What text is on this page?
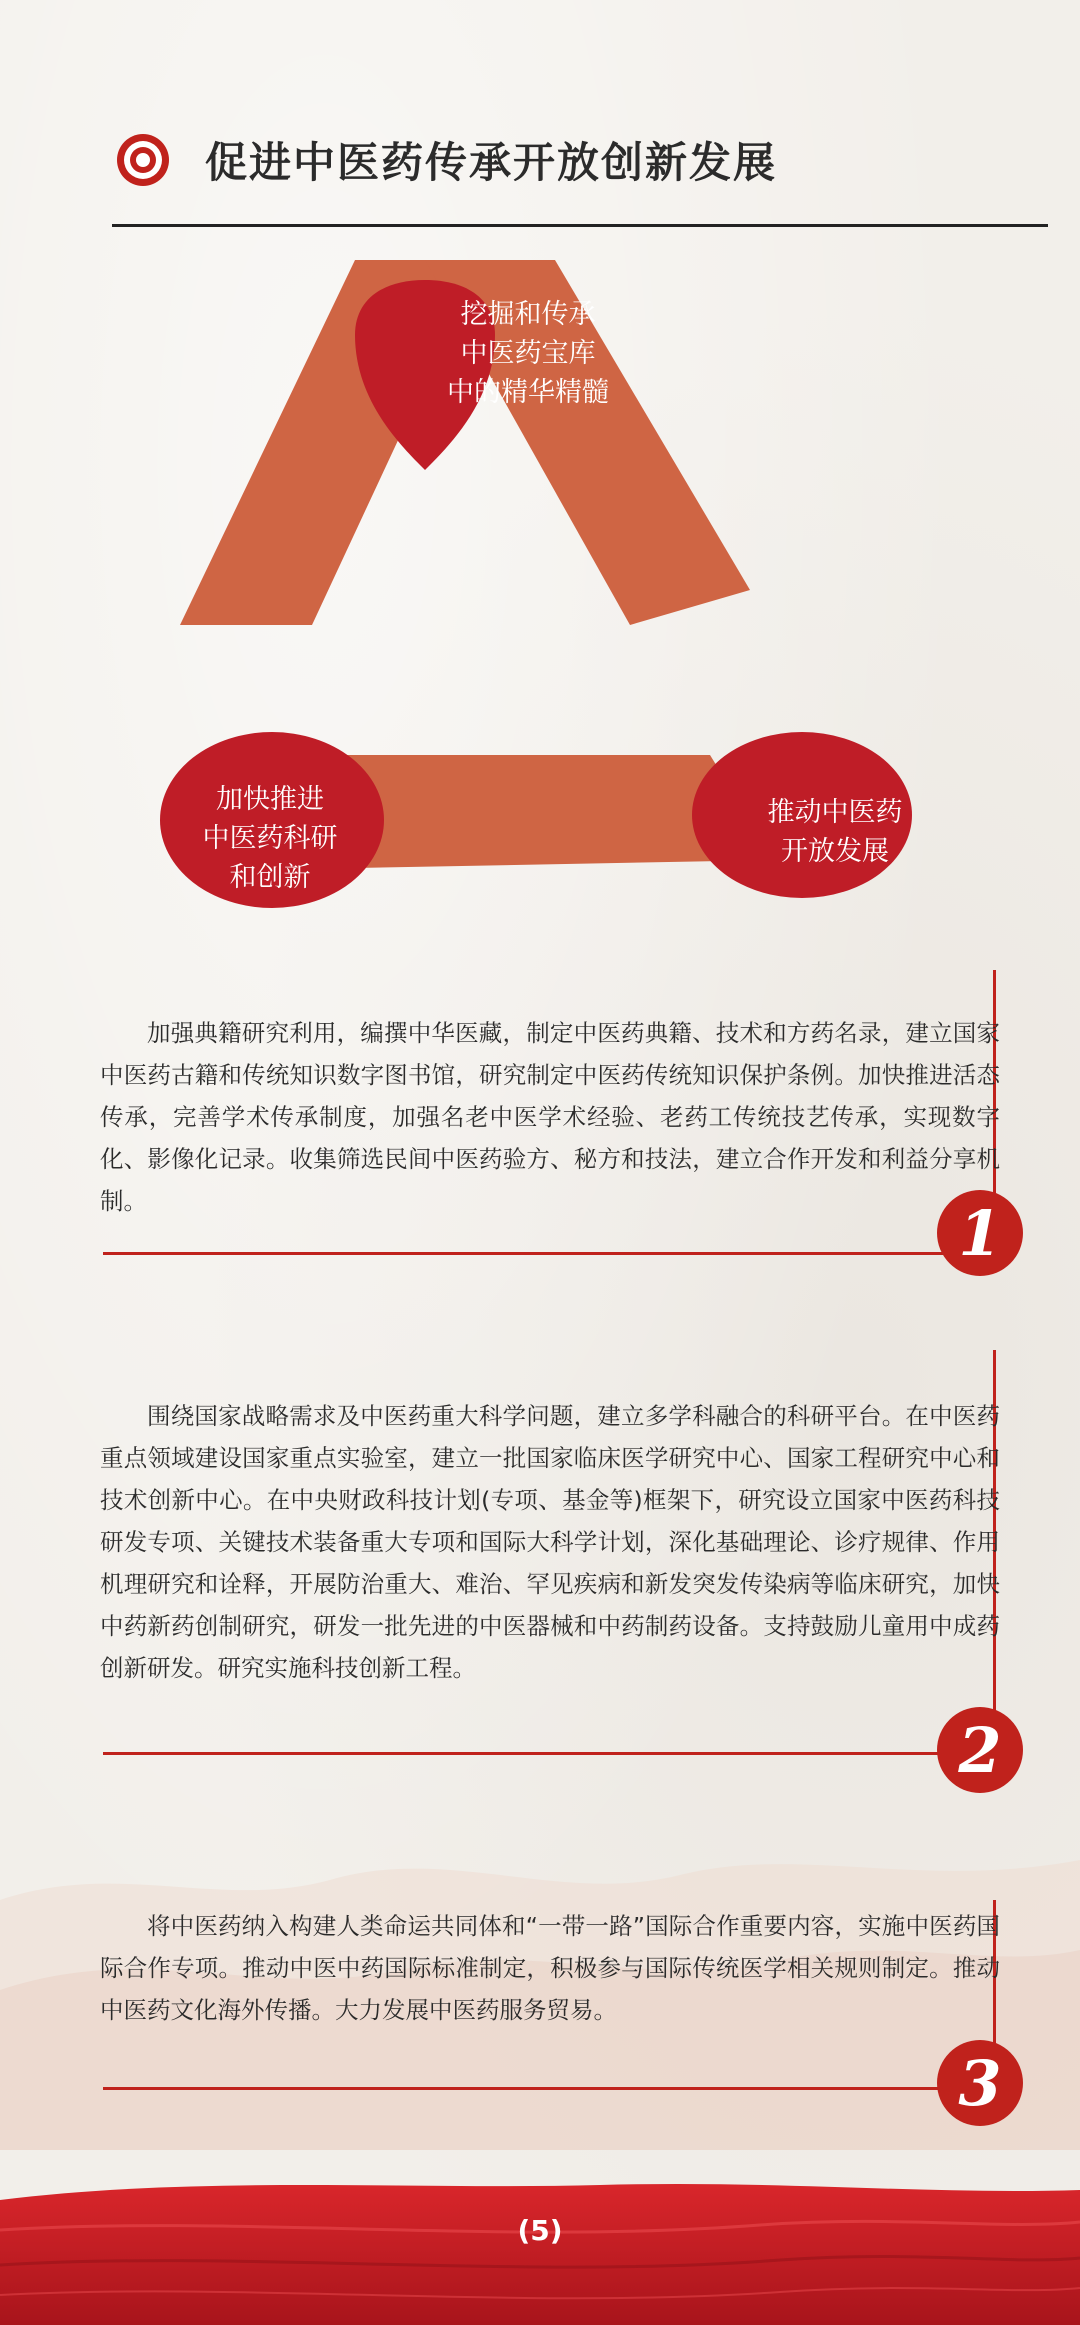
促进中医药传承开放创新发展
挖掘和传承
中医药宝库
中的精华精髓
加快推进
中医药科研
和创新
推动中医药
开放发展

加强典籍研究利用，编撰中华医藏，制定中医药典籍、技术和方药名录，建立国家中医药古籍和传统知识数字图书馆，研究制定中医药传统知识保护条例。加快推进活态传承，完善学术传承制度，加强名老中医学术经验、老药工传统技艺传承，实现数字化、影像化记录。收集筛选民间中医药验方、秘方和技法，建立合作开发和利益分享机制。	1

围绕国家战略需求及中医药重大科学问题，建立多学科融合的科研平台。在中医药重点领域建设国家重点实验室，建立一批国家临床医学研究中心、国家工程研究中心和技术创新中心。在中央财政科技计划(专项、基金等)框架下，研究设立国家中医药科技研发专项、关键技术装备重大专项和国际大科学计划，深化基础理论、诊疗规律、作用机理研究和诠释，开展防治重大、难治、罕见疾病和新发突发传染病等临床研究，加快中药新药创制研究，研发一批先进的中医器械和中药制药设备。支持鼓励儿童用中成药创新研发。研究实施科技创新工程。

2

将中医药纳入构建人类命运共同体和“一带一路”国际合作重要内容，实施中医药国际合作专项。推动中医中药国际标准制定，积极参与国际传统医学相关规则制定。推动中医药文化海外传播。大力发展中医药服务贸易。

3
(5)
